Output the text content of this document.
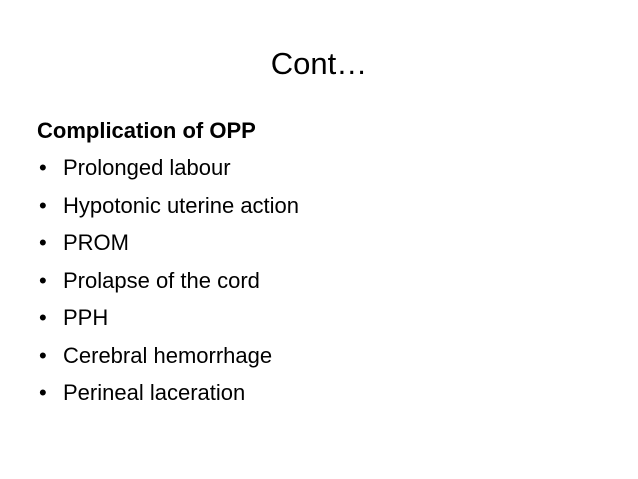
Cont…
Complication of OPP
• Prolonged labour
• Hypotonic uterine action
• PROM
• Prolapse of the cord
• PPH
• Cerebral hemorrhage
• Perineal laceration
